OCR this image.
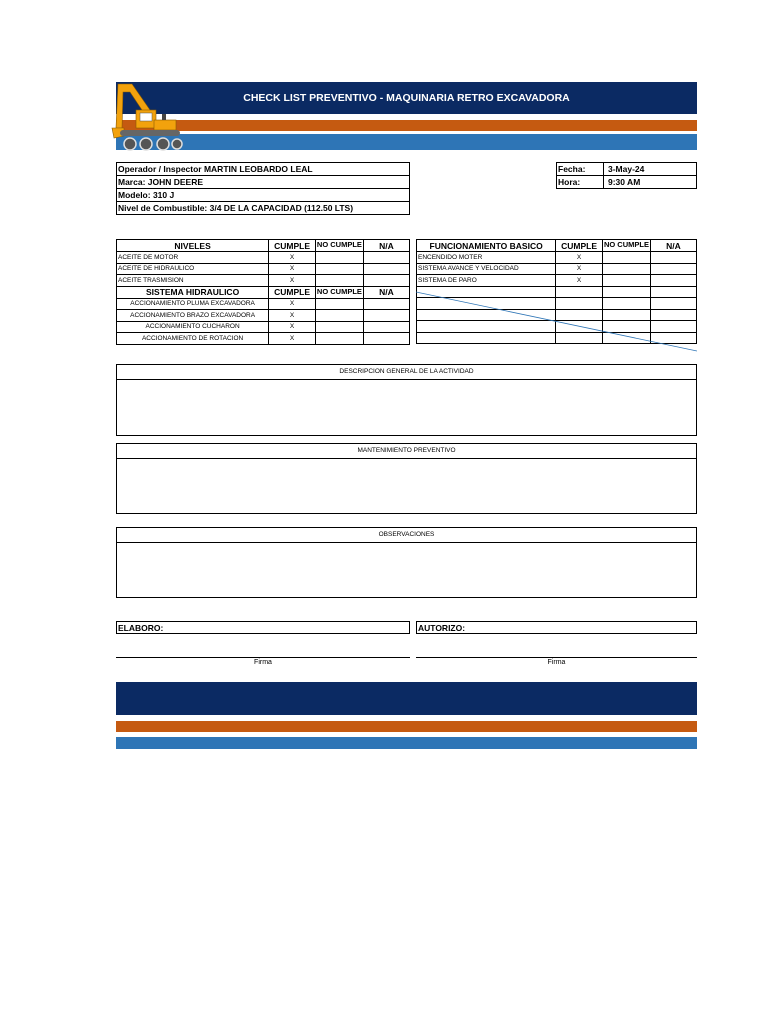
CHECK LIST PREVENTIVO - MAQUINARIA RETRO EXCAVADORA
Operador / Inspector MARTIN LEOBARDO LEAL
Marca: JOHN DEERE
Modelo: 310 J
Nivel de Combustible: 3/4 DE LA CAPACIDAD (112.50 LTS)
Fecha:	3-May-24
Hora:	9:30 AM
NIVELES	CUMPLE	NO CUMPLE	N/A
ACEITE DE MOTOR	X		
ACEITE DE HIDRAULICO	X		
ACEITE TRASMISION	X		
SISTEMA HIDRAULICO	CUMPLE	NO CUMPLE	N/A
ACCIONAMIENTO PLUMA EXCAVADORA	X		
ACCIONAMIENTO BRAZO EXCAVADORA	X		
ACCIONAMIENTO CUCHARON	X		
ACCIONAMIENTO DE ROTACION	X		
FUNCIONAMIENTO BASICO	CUMPLE	NO CUMPLE	N/A
ENCENDIDO MOTER	X		
SISTEMA AVANCE Y VELOCIDAD	X		
SISTEMA DE PARO	X		

DESCRIPCION GENERAL DE LA ACTIVIDAD
MANTENIMIENTO PREVENTIVO
OBSERVACIONES
ELABORO:	AUTORIZO:
Firma	Firma
